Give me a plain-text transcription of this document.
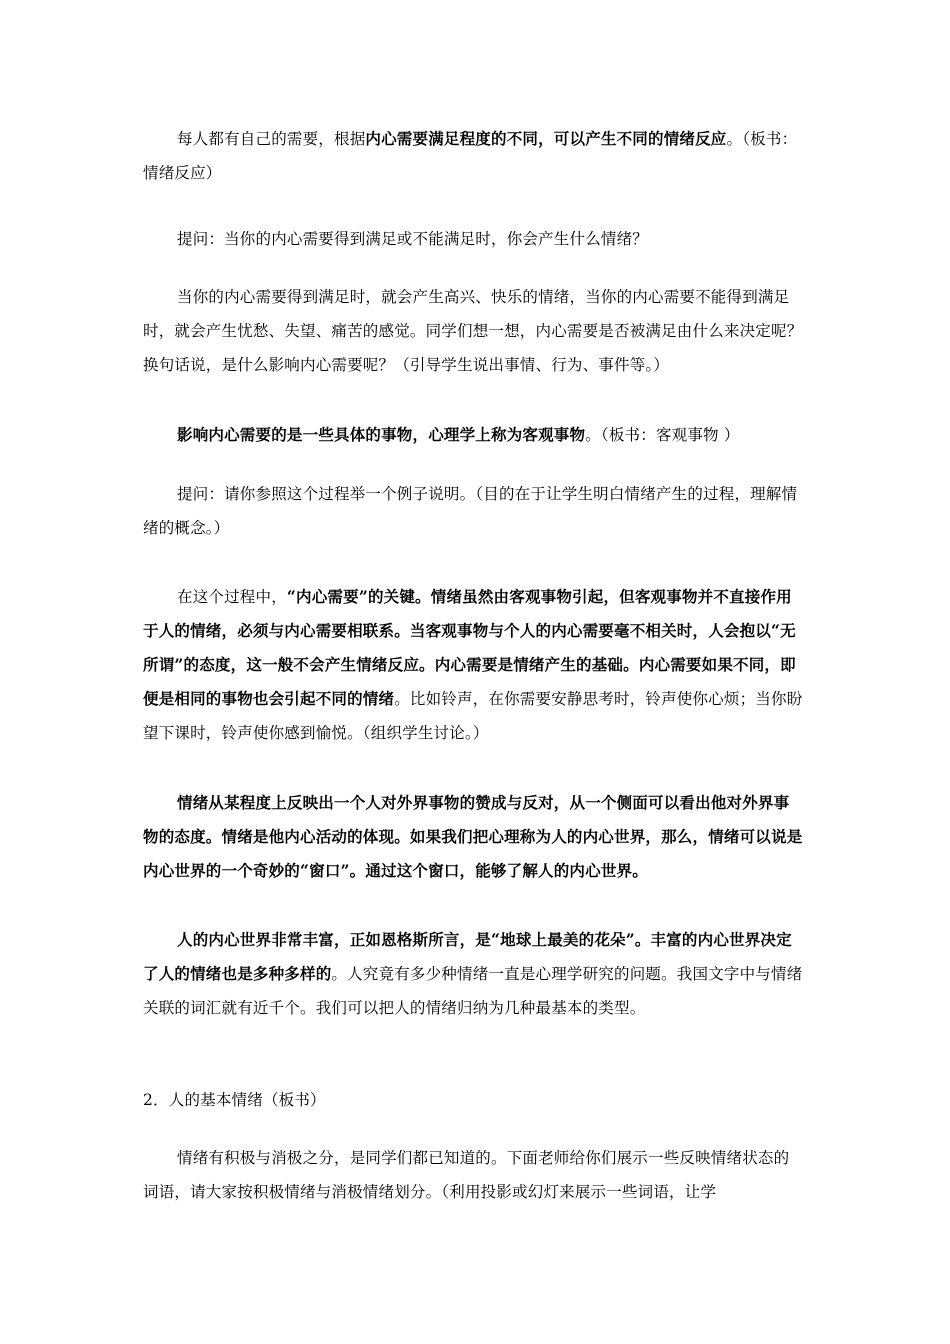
每人都有自己的需要，根据内心需要满足程度的不同，可以产生不同的情绪反应。（板书： 情绪反应）

提问：当你的内心需要得到满足或不能满足时，你会产生什么情绪？

当你的内心需要得到满足时，就会产生高兴、快乐的情绪，当你的内心需要不能得到满足时，就会产生忧愁、失望、痛苦的感觉。同学们想一想，内心需要是否被满足由什么来决定呢？换句话说，是什么影响内心需要呢？（引导学生说出事情、行为、事件等。）

影响内心需要的是一些具体的事物，心理学上称为客观事物。（板书：客观事物 ）

提问：请你参照这个过程举一个例子说明。（目的在于让学生明白情绪产生的过程，理解情绪的概念。）

在这个过程中，“内心需要”的关键。情绪虽然由客观事物引起，但客观事物并不直接作用于人的情绪，必须与内心需要相联系。当客观事物与个人的内心需要毫不相关时，人会抱以“无所谓”的态度，这一般不会产生情绪反应。内心需要是情绪产生的基础。内心需要如果不同，即便是相同的事物也会引起不同的情绪。比如铃声，在你需要安静思考时，铃声使你心烦；当你盼望下课时，铃声使你感到愉悦。（组织学生讨论。）

情绪从某程度上反映出一个人对外界事物的赞成与反对，从一个侧面可以看出他对外界事物的态度。情绪是他内心活动的体现。如果我们把心理称为人的内心世界，那么，情绪可以说是内心世界的一个奇妙的“窗口”。通过这个窗口，能够了解人的内心世界。

人的内心世界非常丰富，正如恩格斯所言，是“地球上最美的花朵”。丰富的内心世界决定了人的情绪也是多种多样的。人究竟有多少种情绪一直是心理学研究的问题。我国文字中与情绪关联的词汇就有近千个。我们可以把人的情绪归纳为几种最基本的类型。

2．人的基本情绪（板书）

情绪有积极与消极之分，是同学们都已知道的。下面老师给你们展示一些反映情绪状态的词语，请大家按积极情绪与消极情绪划分。（利用投影或幻灯来展示一些词语，让学
